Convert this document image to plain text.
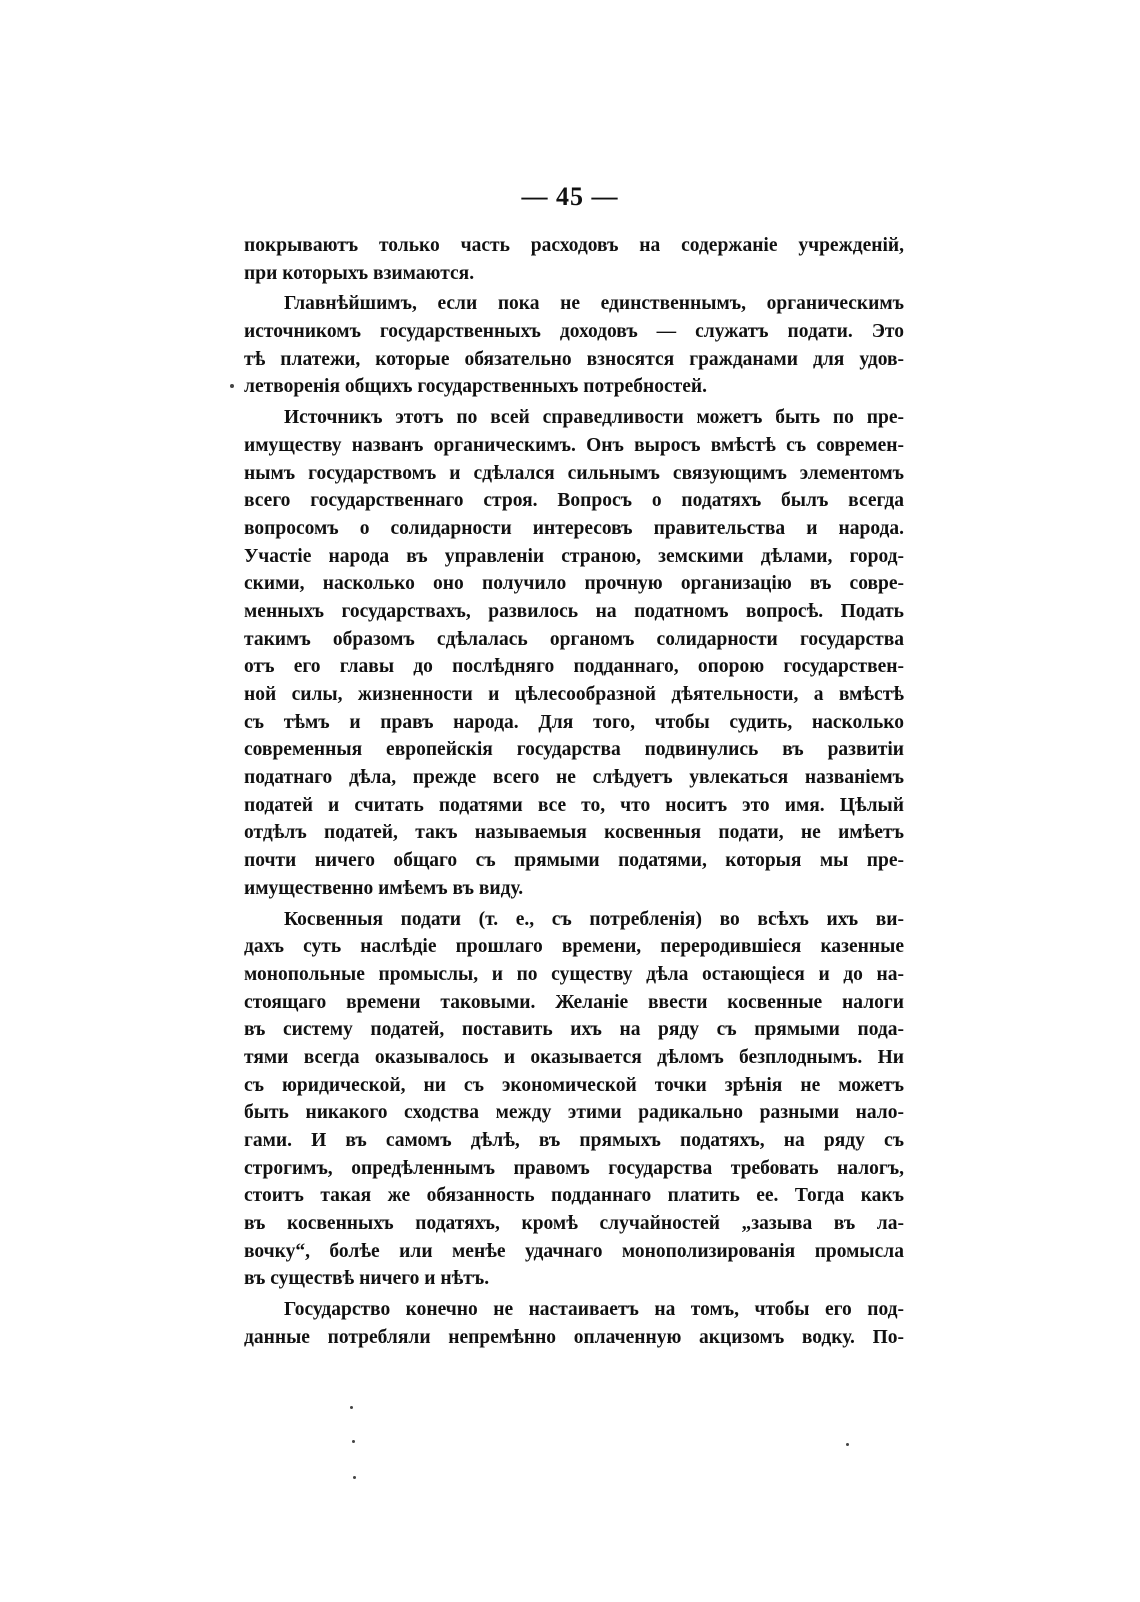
— 45 —
покрываютъ только часть расходовъ на содержаніе учрежденій,
при которыхъ взимаются.
Главнѣйшимъ, если пока не единственнымъ, органическимъ
источникомъ государственныхъ доходовъ — служатъ подати. Это
тѣ платежи, которые обязательно взносятся гражданами для удов-
летворенія общихъ государственныхъ потребностей.
Источникъ этотъ по всей справедливости можетъ быть по пре-
имуществу названъ органическимъ. Онъ выросъ вмѣстѣ съ современ-
нымъ государствомъ и сдѣлался сильнымъ связующимъ элементомъ
всего государственнаго строя. Вопросъ о податяхъ былъ всегда
вопросомъ о солидарности интересовъ правительства и народа.
Участіе народа въ управленіи страною, земскими дѣлами, город-
скими, насколько оно получило прочную организацію въ совре-
менныхъ государствахъ, развилось на податномъ вопросѣ. Подать
такимъ образомъ сдѣлалась органомъ солидарности государства
отъ его главы до послѣдняго подданнаго, опорою государствен-
ной силы, жизненности и цѣлесообразной дѣятельности, а вмѣстѣ
съ тѣмъ и правъ народа. Для того, чтобы судить, насколько
современныя европейскія государства подвинулись въ развитіи
податнаго дѣла, прежде всего не слѣдуетъ увлекаться названіемъ
податей и считать податями все то, что носитъ это имя. Цѣлый
отдѣлъ податей, такъ называемыя косвенныя подати, не имѣетъ
почти ничего общаго съ прямыми податями, которыя мы пре-
имущественно имѣемъ въ виду.
Косвенныя подати (т. е., съ потребленія) во всѣхъ ихъ ви-
дахъ суть наслѣдіе прошлаго времени, переродившіеся казенные
монопольные промыслы, и по существу дѣла остающіеся и до на-
стоящаго времени таковыми. Желаніе ввести косвенные налоги
въ систему податей, поставить ихъ на ряду съ прямыми пода-
тями всегда оказывалось и оказывается дѣломъ безплоднымъ. Ни
съ юридической, ни съ экономической точки зрѣнія не можетъ
быть никакого сходства между этими радикально разными нало-
гами. И въ самомъ дѣлѣ, въ прямыхъ податяхъ, на ряду съ
строгимъ, опредѣленнымъ правомъ государства требовать налогъ,
стоитъ такая же обязанность подданнаго платить ее. Тогда какъ
въ косвенныхъ податяхъ, кромѣ случайностей „зазыва въ ла-
вочку“, болѣе или менѣе удачнаго монополизированія промысла
въ существѣ ничего и нѣтъ.
Государство конечно не настаиваетъ на томъ, чтобы его под-
данные потребляли непремѣнно оплаченную акцизомъ водку. По-
